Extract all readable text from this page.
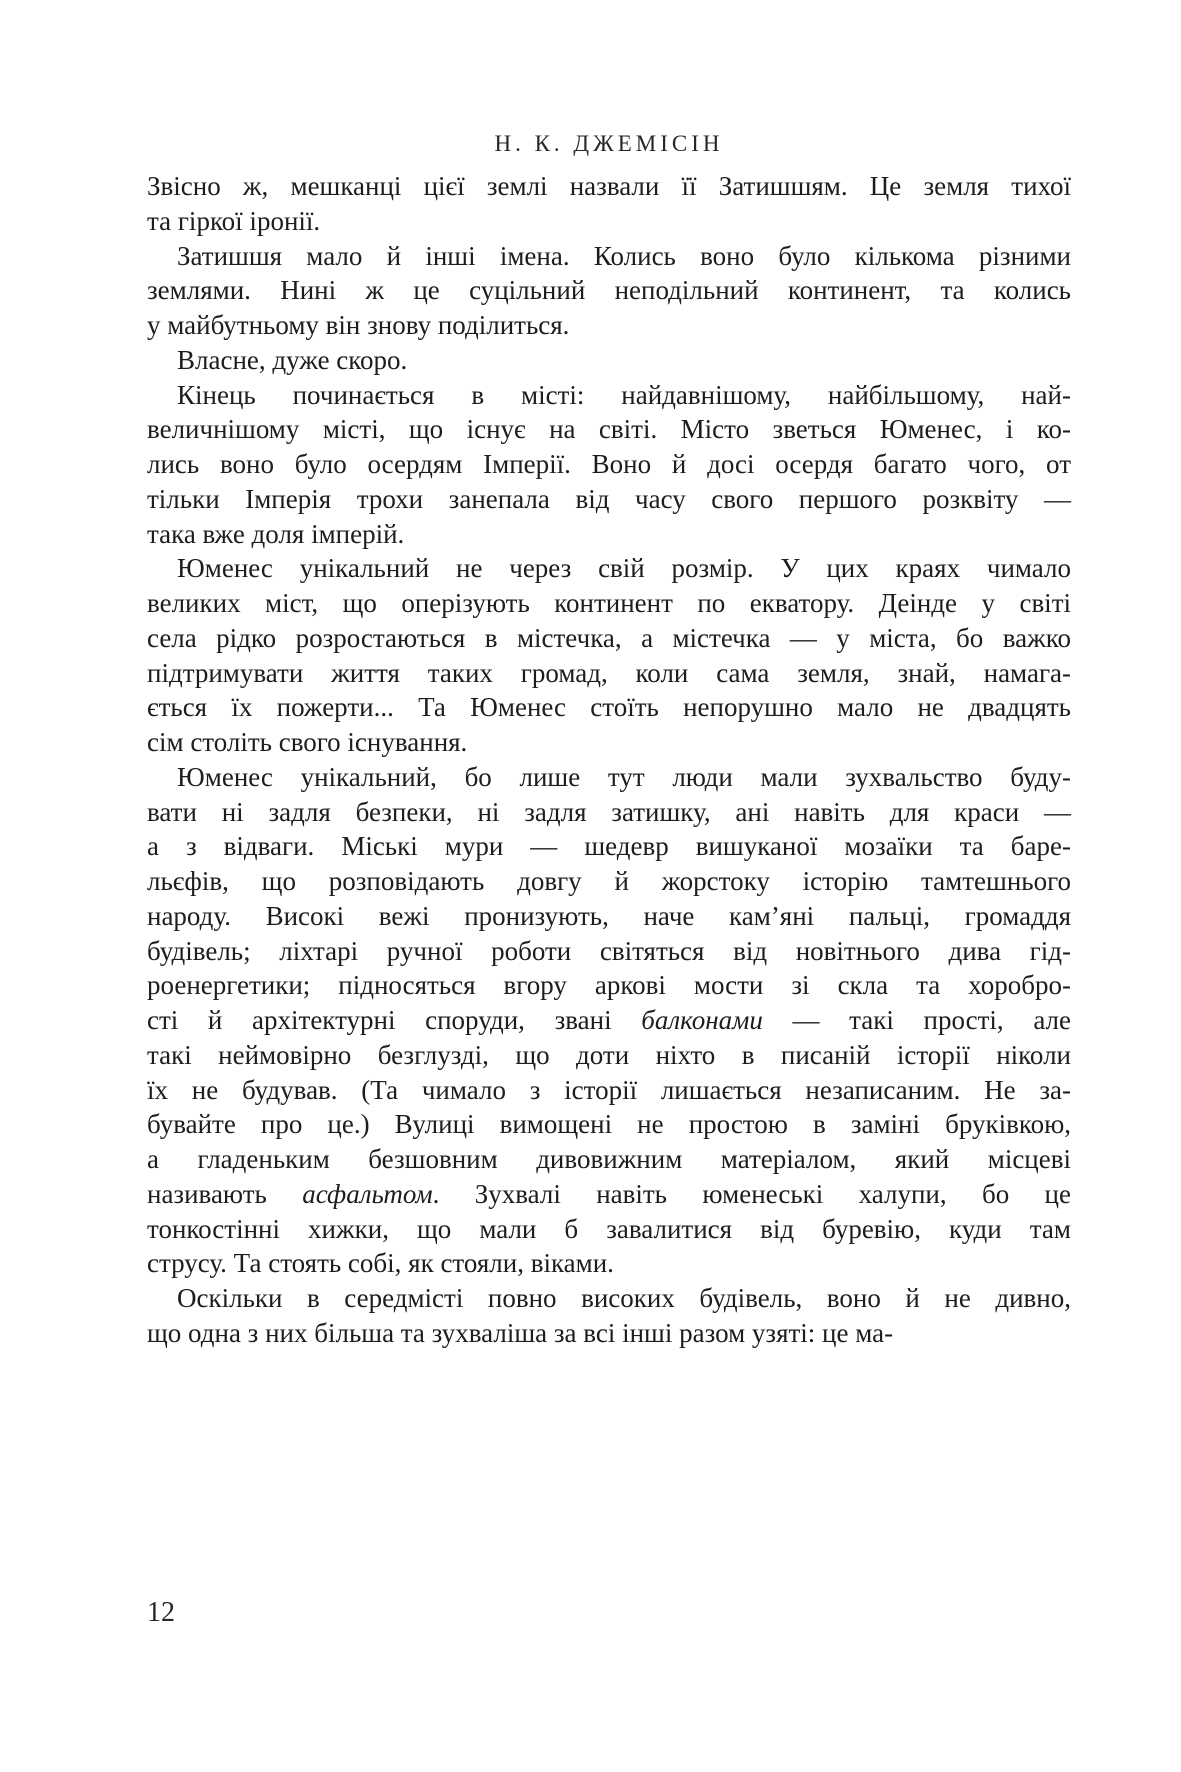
Н. К. ДЖЕМІСІН
Звісно ж, мешканці цієї землі назвали її Затишшям. Це земля тихої
та гіркої іронії.
Затишшя мало й інші імена. Колись воно було кількома різними
землями. Нині ж це суцільний неподільний континент, та колись
у майбутньому він знову поділиться.
Власне, дуже скоро.
Кінець починається в місті: найдавнішому, найбільшому, най-
величнішому місті, що існує на світі. Місто зветься Юменес, і ко-
лись воно було осердям Імперії. Воно й досі осердя багато чого, от
тільки Імперія трохи занепала від часу свого першого розквіту —
така вже доля імперій.
Юменес унікальний не через свій розмір. У цих краях чимало
великих міст, що оперізують континент по екватору. Деінде у світі
села рідко розростаються в містечка, а містечка — у міста, бо важко
підтримувати життя таких громад, коли сама земля, знай, намага-
ється їх пожерти... Та Юменес стоїть непорушно мало не двадцять
сім століть свого існування.
Юменес унікальний, бо лише тут люди мали зухвальство буду-
вати ні задля безпеки, ні задля затишку, ані навіть для краси —
а з відваги. Міські мури — шедевр вишуканої мозаїки та баре-
льєфів, що розповідають довгу й жорстоку історію тамтешнього
народу. Високі вежі пронизують, наче кам’яні пальці, громаддя
будівель; ліхтарі ручної роботи світяться від новітнього дива гід-
роенергетики; підносяться вгору аркові мости зі скла та хоробро-
сті й архітектурні споруди, звані балконами — такі прості, але
такі неймовірно безглузді, що доти ніхто в писаній історії ніколи
їх не будував. (Та чимало з історії лишається незаписаним. Не за-
бувайте про це.) Вулиці вимощені не простою в заміні бруківкою,
а гладеньким безшовним дивовижним матеріалом, який місцеві
називають асфальтом. Зухвалі навіть юменеські халупи, бо це
тонкостінні хижки, що мали б завалитися від буревію, куди там
струсу. Та стоять собі, як стояли, віками.
Оскільки в середмісті повно високих будівель, воно й не дивно,
що одна з них більша та зухваліша за всі інші разом узяті: це ма-
12
